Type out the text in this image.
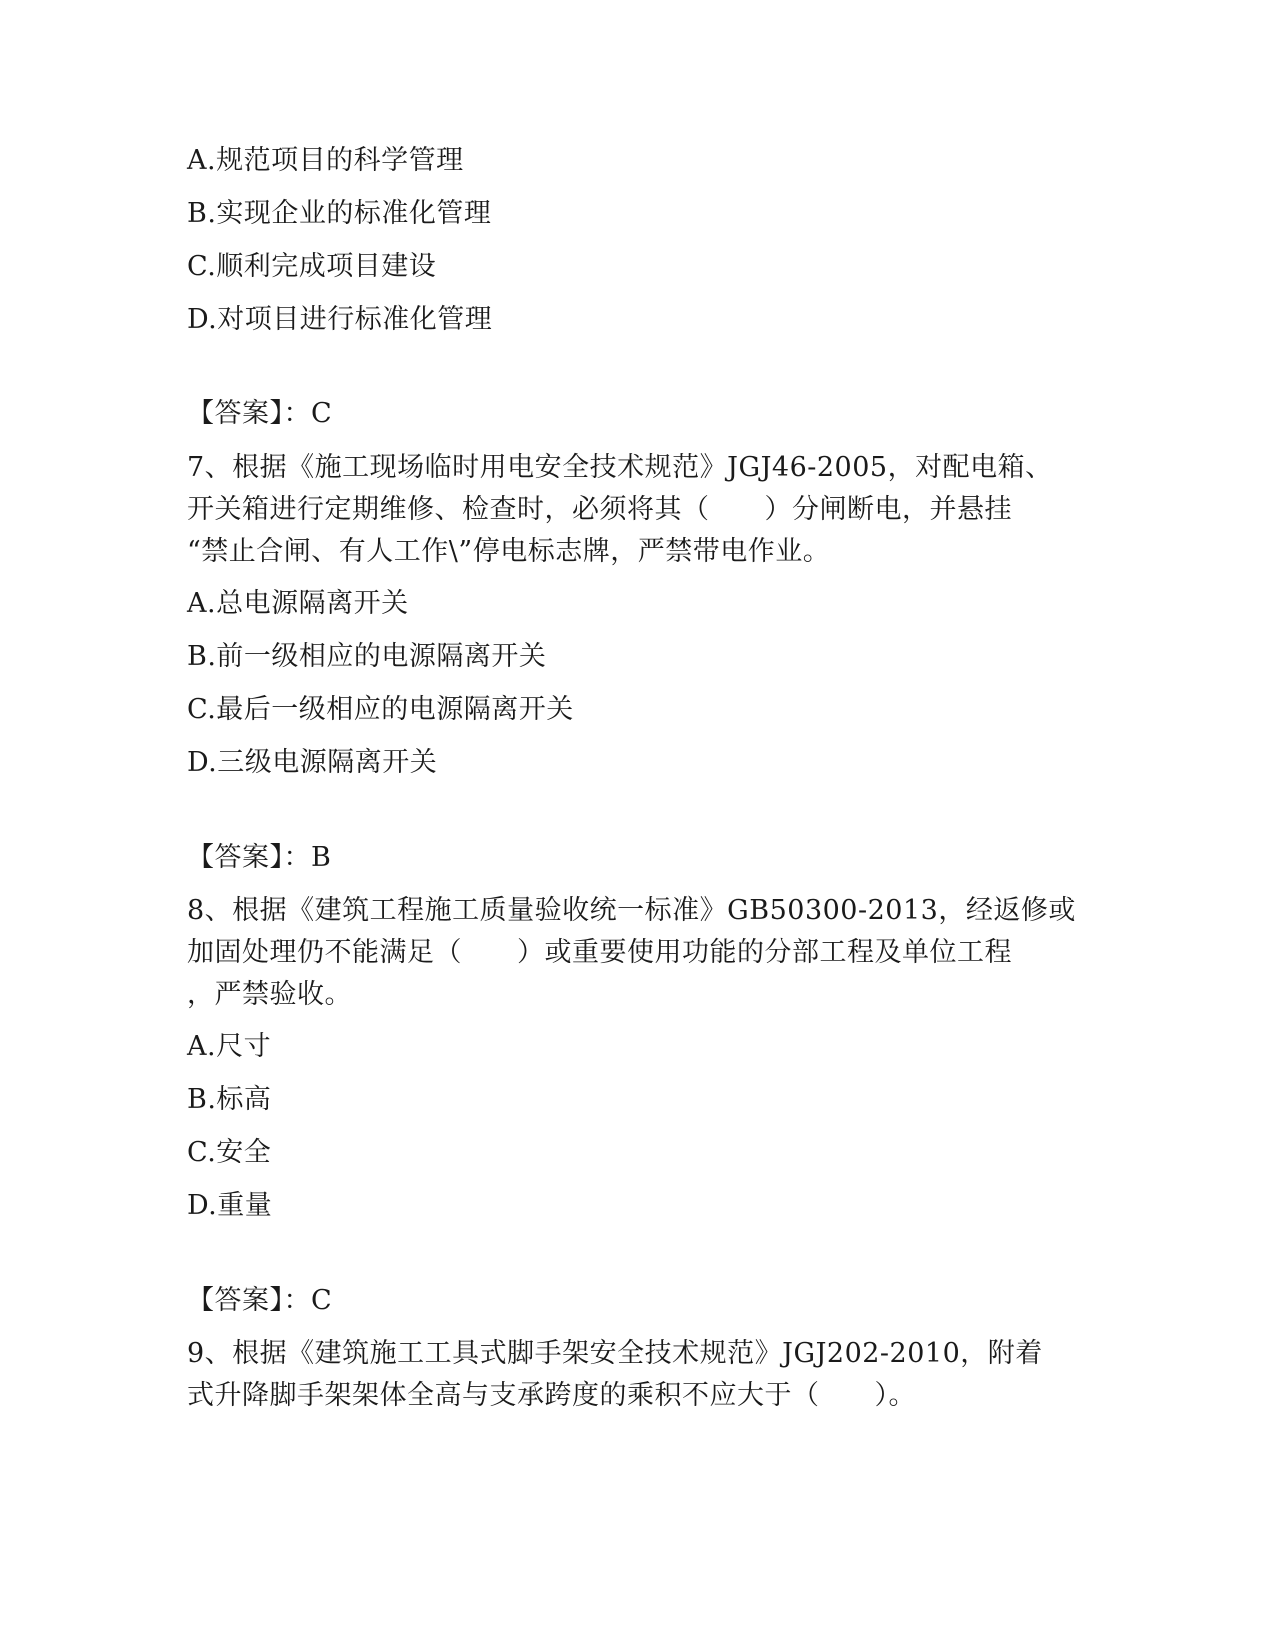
A.规范项目的科学管理
B.实现企业的标准化管理
C.顺利完成项目建设
D.对项目进行标准化管理
【答案】：C
7、根据《施工现场临时用电安全技术规范》JGJ46-2005，对配电箱、
开关箱进行定期维修、检查时，必须将其（　　）分闸断电，并悬挂
“禁止合闸、有人工作\”停电标志牌，严禁带电作业。
A.总电源隔离开关
B.前一级相应的电源隔离开关
C.最后一级相应的电源隔离开关
D.三级电源隔离开关
【答案】：B
8、根据《建筑工程施工质量验收统一标准》GB50300-2013，经返修或
加固处理仍不能满足（　　）或重要使用功能的分部工程及单位工程
，严禁验收。
A.尺寸
B.标高
C.安全
D.重量
【答案】：C
9、根据《建筑施工工具式脚手架安全技术规范》JGJ202-2010，附着
式升降脚手架架体全高与支承跨度的乘积不应大于（　　）。
